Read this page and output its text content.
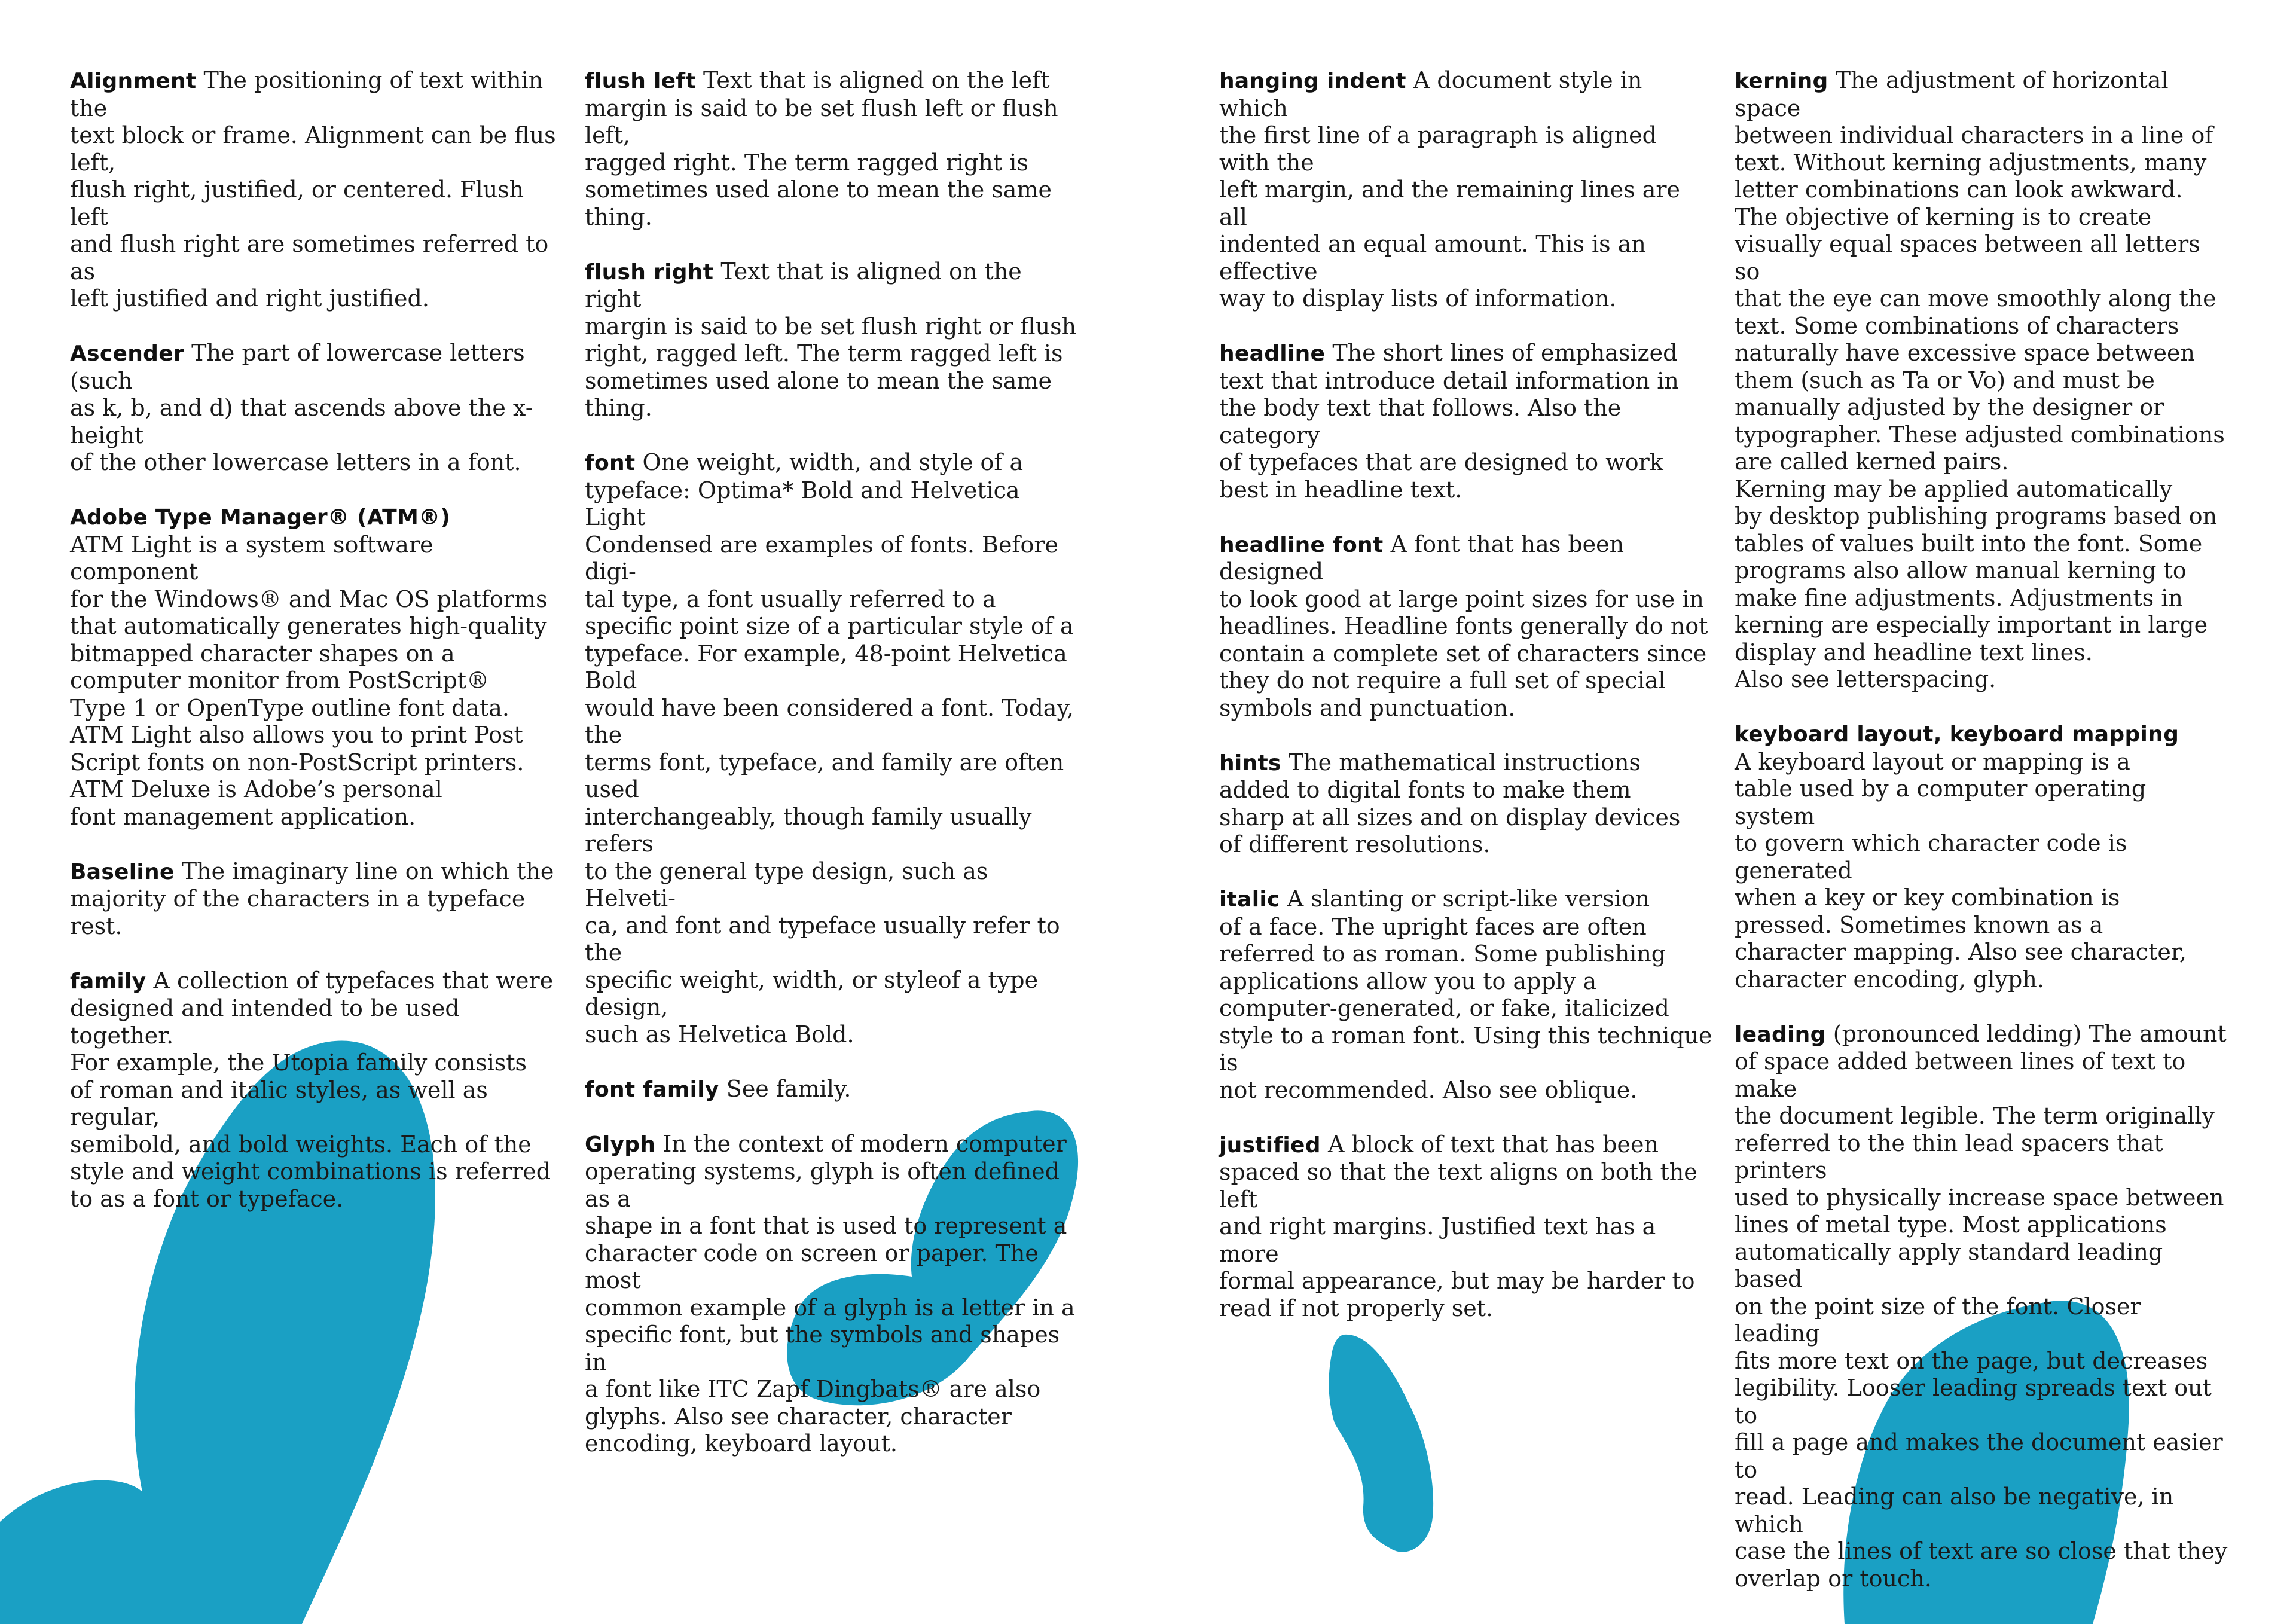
Alignment The positioning of text within the
text block or frame. Alignment can be flus left,
flush right, justified, or centered. Flush left
and flush right are sometimes referred to as
left justified and right justified.

Ascender The part of lowercase letters (such
as k, b, and d) that ascends above the x-height
of the other lowercase letters in a font.

Adobe Type Manager® (ATM®)
ATM Light is a system software component
for the Windows® and Mac OS platforms
that automatically generates high-quality
bitmapped character shapes on a
computer monitor from PostScript®
Type 1 or OpenType outline font data.
ATM Light also allows you to print Post
Script fonts on non-PostScript printers.
ATM Deluxe is Adobe’s personal
font management application.

Baseline The imaginary line on which the
majority of the characters in a typeface rest.

family A collection of typefaces that were
designed and intended to be used together.
For example, the Utopia family consists
of roman and italic styles, as well as regular,
semibold, and bold weights. Each of the
style and weight combinations is referred
to as a font or typeface.

flush left Text that is aligned on the left
margin is said to be set flush left or flush left,
ragged right. The term ragged right is
sometimes used alone to mean the same
thing.

flush right Text that is aligned on the right
margin is said to be set flush right or flush
right, ragged left. The term ragged left is
sometimes used alone to mean the same
thing.

font One weight, width, and style of a
typeface: Optima* Bold and Helvetica Light
Condensed are examples of fonts. Before digi-
tal type, a font usually referred to a
specific point size of a particular style of a
typeface. For example, 48-point Helvetica Bold
would have been considered a font. Today, the
terms font, typeface, and family are often used
interchangeably, though family usually refers
to the general type design, such as Helveti-
ca, and font and typeface usually refer to the
specific weight, width, or styleof a type design,
such as Helvetica Bold.

font family See family.

Glyph In the context of modern computer
operating systems, glyph is often defined as a
shape in a font that is used to represent a
character code on screen or paper. The most
common example of a glyph is a letter in a
specific font, but the symbols and shapes in
a font like ITC Zapf Dingbats® are also
glyphs. Also see character, character
encoding, keyboard layout.

hanging indent A document style in which
the first line of a paragraph is aligned with the
left margin, and the remaining lines are all
indented an equal amount. This is an effective
way to display lists of information.

headline The short lines of emphasized
text that introduce detail information in
the body text that follows. Also the category
of typefaces that are designed to work
best in headline text.

headline font A font that has been designed
to look good at large point sizes for use in
headlines. Headline fonts generally do not
contain a complete set of characters since
they do not require a full set of special
symbols and punctuation.

hints The mathematical instructions
added to digital fonts to make them
sharp at all sizes and on display devices
of different resolutions.

italic A slanting or script-like version
of a face. The upright faces are often
referred to as roman. Some publishing
applications allow you to apply a
computer-generated, or fake, italicized
style to a roman font. Using this technique is
not recommended. Also see oblique.

justified A block of text that has been
spaced so that the text aligns on both the left
and right margins. Justified text has a more
formal appearance, but may be harder to
read if not properly set.

kerning The adjustment of horizontal space
between individual characters in a line of
text. Without kerning adjustments, many
letter combinations can look awkward.
The objective of kerning is to create
visually equal spaces between all letters so
that the eye can move smoothly along the
text. Some combinations of characters
naturally have excessive space between
them (such as Ta or Vo) and must be
manually adjusted by the designer or
typographer. These adjusted combinations
are called kerned pairs.
Kerning may be applied automatically
by desktop publishing programs based on
tables of values built into the font. Some
programs also allow manual kerning to
make fine adjustments. Adjustments in
kerning are especially important in large
display and headline text lines.
Also see letterspacing.

keyboard layout, keyboard mapping
A keyboard layout or mapping is a
table used by a computer operating system
to govern which character code is generated
when a key or key combination is
pressed. Sometimes known as a
character mapping. Also see character,
character encoding, glyph.

leading (pronounced ledding) The amount
of space added between lines of text to make
the document legible. The term originally
referred to the thin lead spacers that printers
used to physically increase space between
lines of metal type. Most applications
automatically apply standard leading based
on the point size of the font. Closer leading
fits more text on the page, but decreases
legibility. Looser leading spreads text out to
fill a page and makes the document easier to
read. Leading can also be negative, in which
case the lines of text are so close that they
overlap or touch.
